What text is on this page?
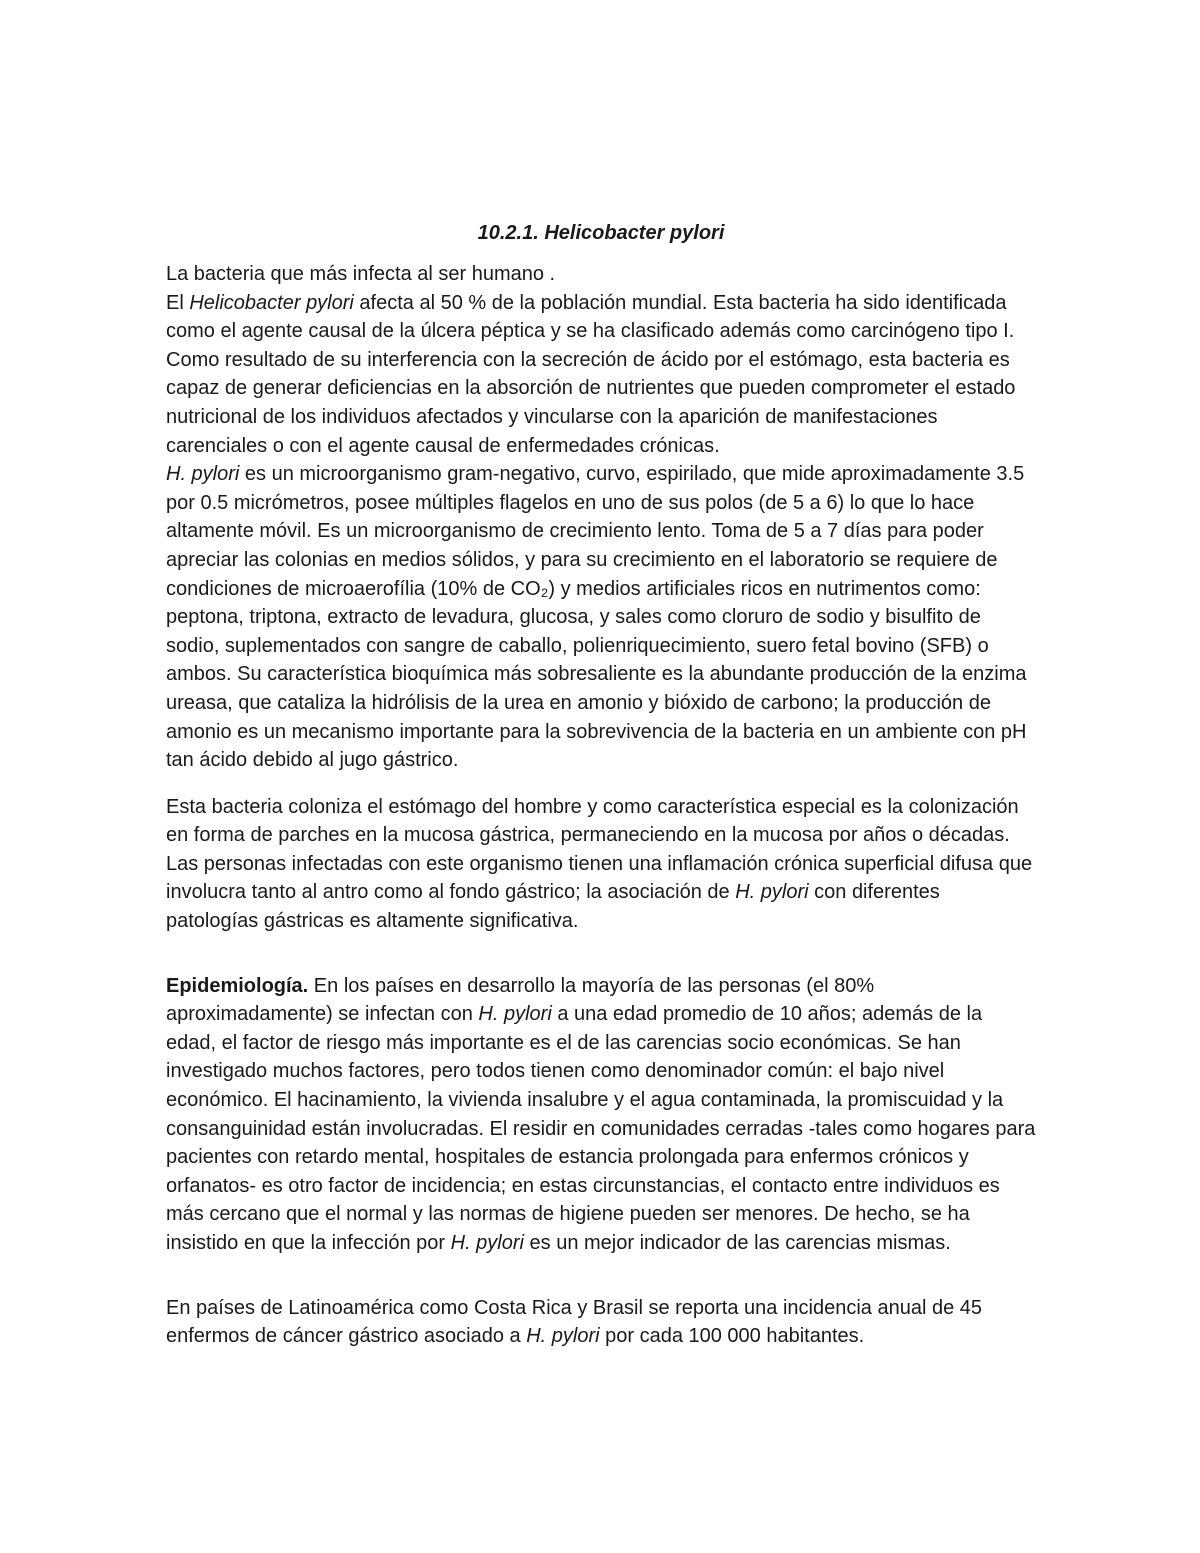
10.2.1. Helicobacter pylori

La bacteria que más infecta al ser humano .

El Helicobacter pylori afecta al 50 % de la población mundial. Esta bacteria ha sido identificada como el agente causal de la úlcera péptica y se ha clasificado además como carcinógeno tipo I. Como resultado de su interferencia con la secreción de ácido por el estómago, esta bacteria es capaz de generar deficiencias en la absorción de nutrientes que pueden comprometer el estado nutricional de los individuos afectados y vincularse con la aparición de manifestaciones carenciales o con el agente causal de enfermedades crónicas.

H. pylori es un microorganismo gram-negativo, curvo, espirilado, que mide aproximadamente 3.5 por 0.5 micrómetros, posee múltiples flagelos en uno de sus polos (de 5 a 6) lo que lo hace altamente móvil. Es un microorganismo de crecimiento lento. Toma de 5 a 7 días para poder apreciar las colonias en medios sólidos, y para su crecimiento en el laboratorio se requiere de condiciones de microaerofília (10% de CO₂) y medios artificiales ricos en nutrimentos como: peptona, triptona, extracto de levadura, glucosa, y sales como cloruro de sodio y bisulfito de sodio, suplementados con sangre de caballo, polienriquecimiento, suero fetal bovino (SFB) o ambos. Su característica bioquímica más sobresaliente es la abundante producción de la enzima ureasa, que cataliza la hidrólisis de la urea en amonio y bióxido de carbono; la producción de amonio es un mecanismo importante para la sobrevivencia de la bacteria en un ambiente con pH tan ácido debido al jugo gástrico.

Esta bacteria coloniza el estómago del hombre y como característica especial es la colonización en forma de parches en la mucosa gástrica, permaneciendo en la mucosa por años o décadas. Las personas infectadas con este organismo tienen una inflamación crónica superficial difusa que involucra tanto al antro como al fondo gástrico; la asociación de H. pylori con diferentes patologías gástricas es altamente significativa.

Epidemiología. En los países en desarrollo la mayoría de las personas (el 80% aproximadamente) se infectan con H. pylori a una edad promedio de 10 años; además de la edad, el factor de riesgo más importante es el de las carencias socio económicas. Se han investigado muchos factores, pero todos tienen como denominador común: el bajo nivel económico. El hacinamiento, la vivienda insalubre y el agua contaminada, la promiscuidad y la consanguinidad están involucradas. El residir en comunidades cerradas -tales como hogares para pacientes con retardo mental, hospitales de estancia prolongada para enfermos crónicos y orfanatos- es otro factor de incidencia; en estas circunstancias, el contacto entre individuos es más cercano que el normal y las normas de higiene pueden ser menores. De hecho, se ha insistido en que la infección por H. pylori es un mejor indicador de las carencias mismas.

En países de Latinoamérica como Costa Rica y Brasil se reporta una incidencia anual de 45 enfermos de cáncer gástrico asociado a H. pylori por cada 100 000 habitantes.
